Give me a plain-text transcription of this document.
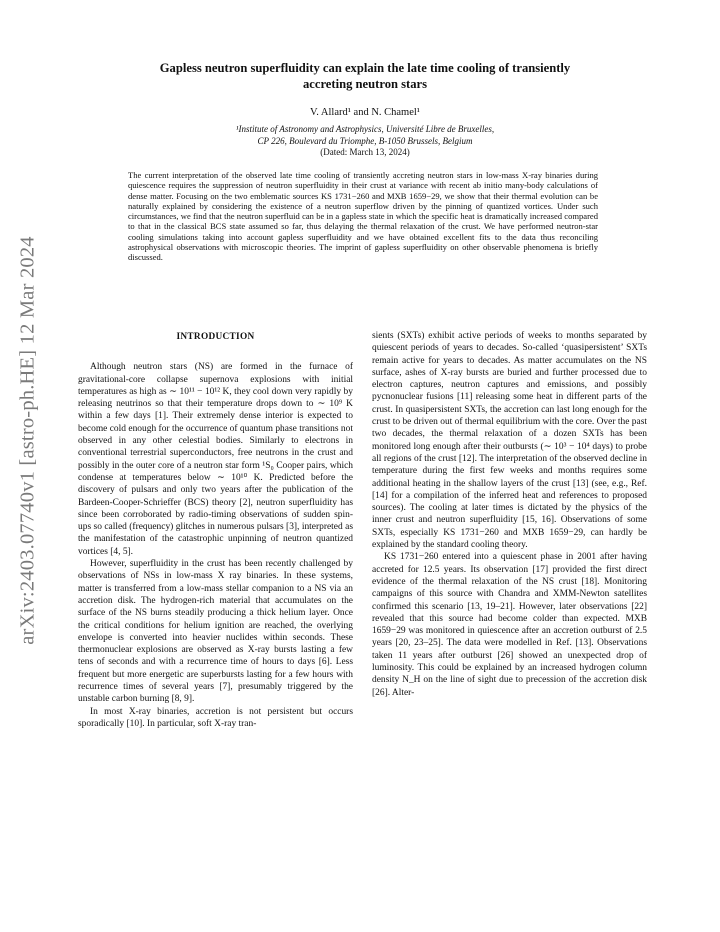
arXiv:2403.07740v1 [astro-ph.HE] 12 Mar 2024
Gapless neutron superfluidity can explain the late time cooling of transiently
accreting neutron stars
V. Allard¹ and N. Chamel¹
¹Institute of Astronomy and Astrophysics, Université Libre de Bruxelles,
CP 226, Boulevard du Triomphe, B-1050 Brussels, Belgium
(Dated: March 13, 2024)
The current interpretation of the observed late time cooling of transiently accreting neutron stars in low-mass X-ray binaries during quiescence requires the suppression of neutron superfluidity in their crust at variance with recent ab initio many-body calculations of dense matter. Focusing on the two emblematic sources KS 1731−260 and MXB 1659−29, we show that their thermal evolution can be naturally explained by considering the existence of a neutron superflow driven by the pinning of quantized vortices. Under such circumstances, we find that the neutron superfluid can be in a gapless state in which the specific heat is dramatically increased compared to that in the classical BCS state assumed so far, thus delaying the thermal relaxation of the crust. We have performed neutron-star cooling simulations taking into account gapless superfluidity and we have obtained excellent fits to the data thus reconciling astrophysical observations with microscopic theories. The imprint of gapless superfluidity on other observable phenomena is briefly discussed.
INTRODUCTION

Although neutron stars (NS) are formed in the furnace of gravitational-core collapse supernova explosions with initial temperatures as high as ∼ 10¹¹ − 10¹² K, they cool down very rapidly by releasing neutrinos so that their temperature drops down to ∼ 10⁹ K within a few days [1]. Their extremely dense interior is expected to become cold enough for the occurrence of quantum phase transitions not observed in any other celestial bodies. Similarly to electrons in conventional terrestrial superconductors, free neutrons in the crust and possibly in the outer core of a neutron star form ¹S₀ Cooper pairs, which condense at temperatures below ∼ 10¹⁰ K. Predicted before the discovery of pulsars and only two years after the publication of the Bardeen-Cooper-Schrieffer (BCS) theory [2], neutron superfluidity has since been corroborated by radio-timing observations of sudden spin-ups so called (frequency) glitches in numerous pulsars [3], interpreted as the manifestation of the catastrophic unpinning of neutron quantized vortices [4, 5].

However, superfluidity in the crust has been recently challenged by observations of NSs in low-mass X ray binaries. In these systems, matter is transferred from a low-mass stellar companion to a NS via an accretion disk. The hydrogen-rich material that accumulates on the surface of the NS burns steadily producing a thick helium layer. Once the critical conditions for helium ignition are reached, the overlying envelope is converted into heavier nuclides within seconds. These thermonuclear explosions are observed as X-ray bursts lasting a few tens of seconds and with a recurrence time of hours to days [6]. Less frequent but more energetic are superbursts lasting for a few hours with recurrence times of several years [7], presumably triggered by the unstable carbon burning [8, 9].

In most X-ray binaries, accretion is not persistent but occurs sporadically [10]. In particular, soft X-ray tran-

sients (SXTs) exhibit active periods of weeks to months separated by quiescent periods of years to decades. So-called ‘quasipersistent’ SXTs remain active for years to decades. As matter accumulates on the NS surface, ashes of X-ray bursts are buried and further processed due to electron captures, neutron captures and emissions, and possibly pycnonuclear fusions [11] releasing some heat in different parts of the crust. In quasipersistent SXTs, the accretion can last long enough for the crust to be driven out of thermal equilibrium with the core. Over the past two decades, the thermal relaxation of a dozen SXTs has been monitored long enough after their outbursts (∼ 10³ − 10⁴ days) to probe all regions of the crust [12]. The interpretation of the observed decline in temperature during the first few weeks and months requires some additional heating in the shallow layers of the crust [13] (see, e.g., Ref. [14] for a compilation of the inferred heat and references to proposed sources). The cooling at later times is dictated by the physics of the inner crust and neutron superfluidity [15, 16]. Observations of some SXTs, especially KS 1731−260 and MXB 1659−29, can hardly be explained by the standard cooling theory.

KS 1731−260 entered into a quiescent phase in 2001 after having accreted for 12.5 years. Its observation [17] provided the first direct evidence of the thermal relaxation of the NS crust [18]. Monitoring campaigns of this source with Chandra and XMM-Newton satellites confirmed this scenario [13, 19–21]. However, later observations [22] revealed that this source had become colder than expected. MXB 1659−29 was monitored in quiescence after an accretion outburst of 2.5 years [20, 23–25]. The data were modelled in Ref. [13]. Observations taken 11 years after outburst [26] showed an unexpected drop of luminosity. This could be explained by an increased hydrogen column density N_H on the line of sight due to precession of the accretion disk [26]. Alter-
